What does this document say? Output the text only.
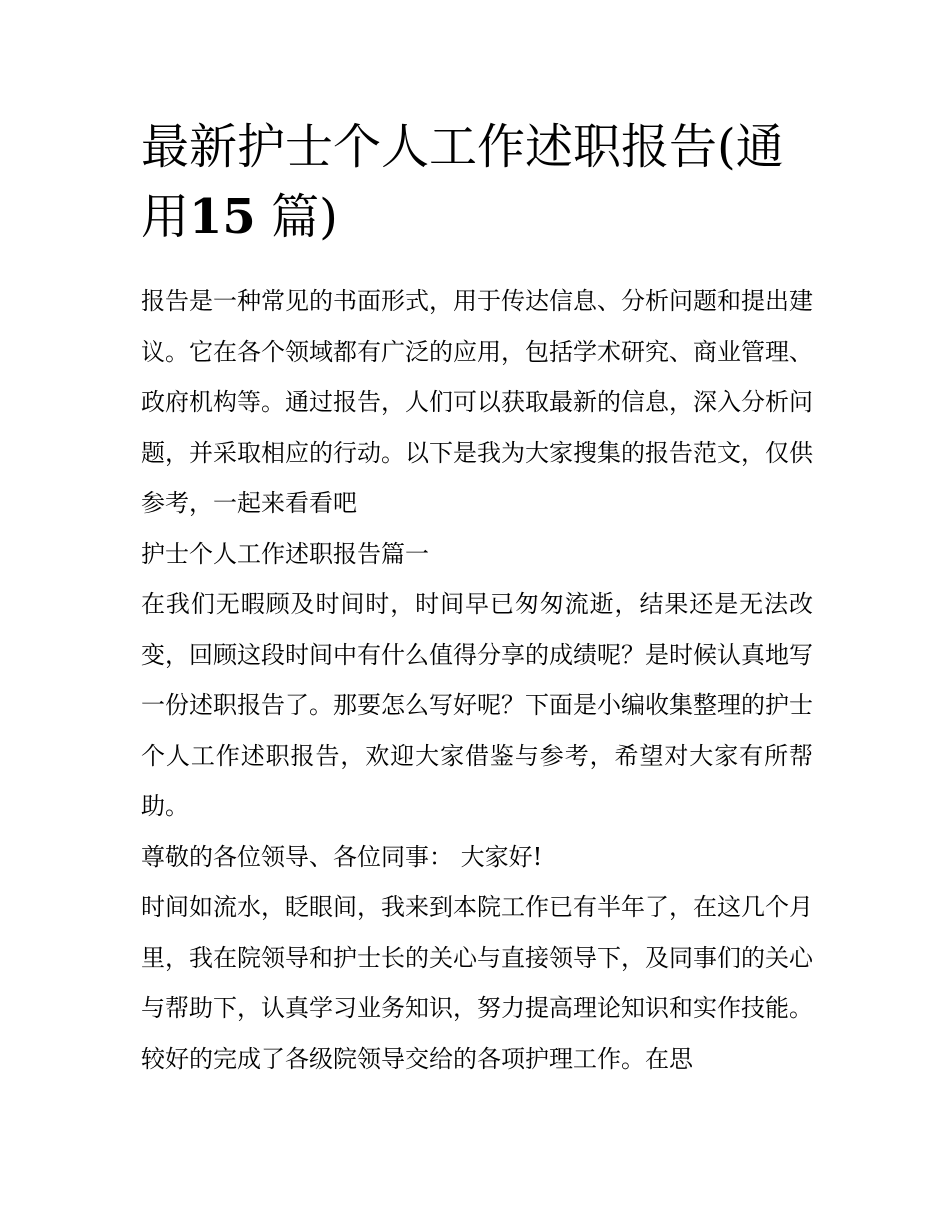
最新护士个人工作述职报告(通用15 篇)

报告是一种常见的书面形式，用于传达信息、分析问题和提出建议。它在各个领域都有广泛的应用，包括学术研究、商业管理、政府机构等。通过报告，人们可以获取最新的信息，深入分析问题，并采取相应的行动。以下是我为大家搜集的报告范文，仅供参考，一起来看看吧

护士个人工作述职报告篇一

在我们无暇顾及时间时，时间早已匆匆流逝，结果还是无法改变，回顾这段时间中有什么值得分享的成绩呢？是时候认真地写一份述职报告了。那要怎么写好呢？下面是小编收集整理的护士个人工作述职报告，欢迎大家借鉴与参考，希望对大家有所帮助。

尊敬的各位领导、各位同事： 大家好!

时间如流水，眨眼间，我来到本院工作已有半年了，在这几个月里，我在院领导和护士长的关心与直接领导下，及同事们的关心与帮助下，认真学习业务知识，努力提高理论知识和实作技能。较好的完成了各级院领导交给的各项护理工作。在思
